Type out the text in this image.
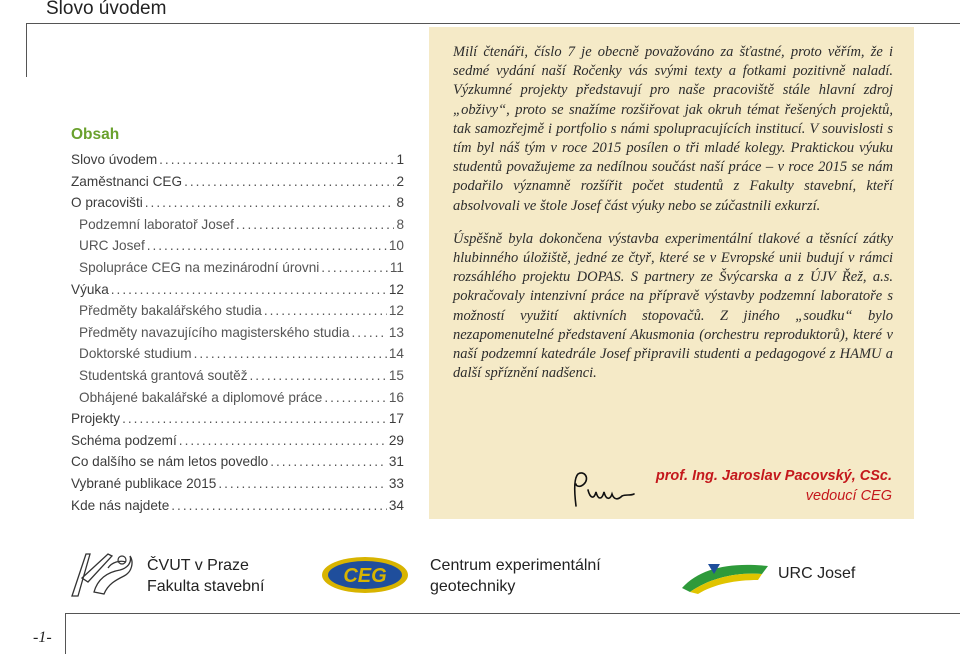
Slovo úvodem
Obsah
Slovo úvodem .....	1
Zaměstnanci CEG .....	2
O pracovišti .....	8
Podzemní laboratoř Josef .....	8
URC Josef .....	10
Spolupráce CEG na mezinárodní úrovni .....	11
Výuka .....	12
Předměty bakalářského studia .....	12
Předměty navazujícího magisterského studia .....	13
Doktorské studium .....	14
Studentská grantová soutěž .....	15
Obhájené bakalářské a diplomové práce .....	16
Projekty .....	17
Schéma podzemí .....	29
Co dalšího se nám letos povedlo .....	31
Vybrané publikace 2015 .....	33
Kde nás najdete .....	34

Milí čtenáři, číslo 7 je obecně považováno za šťastné, proto věřím, že i sedmé vydání naší Ročenky vás svými texty a fotkami pozitivně naladí. Výzkumné projekty představují pro naše pracoviště stále hlavní zdroj „obživy“, proto se snažíme rozšiřovat jak okruh témat řešených projektů, tak samozřejmě i portfolio s námi spolupracujících institucí. V souvislosti s tím byl náš tým v roce 2015 posílen o tři mladé kolegy. Praktickou výuku studentů považujeme za nedílnou součást naší práce – v roce 2015 se nám podařilo významně rozšířit počet studentů z Fakulty stavební, kteří absolvovali ve štole Josef část výuky nebo se zúčastnili exkurzí.

Úspěšně byla dokončena výstavba experimentální tlakové a těsnící zátky hlubinného úložiště, jedné ze čtyř, které se v Evropské unii budují v rámci rozsáhlého projektu DOPAS. S partnery ze Švýcarska a z ÚJV Řež, a.s. pokračovaly intenzivní práce na přípravě výstavby podzemní laboratoře s možností využití aktivních stopovačů. Z jiného „soudku“ bylo nezapomenutelné představení Akusmonia (orchestru reproduktorů), které v naší podzemní katedrále Josef připravili studenti a pedagogové z HAMU a další spříznění nadšenci.

prof. Ing. Jaroslav Pacovský, CSc.
vedoucí CEG
ČVUT v Praze
Fakulta stavební	CEG	Centrum experimentální
geotechniky
URC Josef
-1-
